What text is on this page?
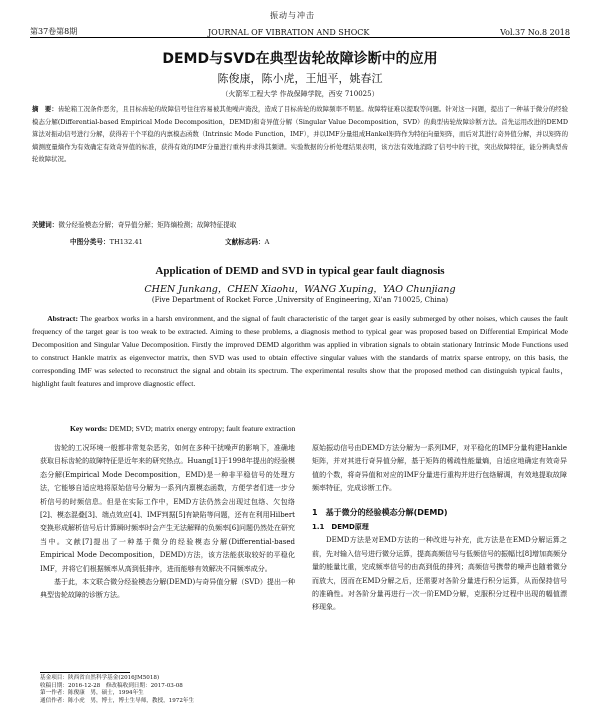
振动与冲击
第37卷第8期	JOURNAL OF VIBRATION AND SHOCK	Vol.37 No.8 2018
DEMD与SVD在典型齿轮故障诊断中的应用
陈俊康，陈小虎，王旭平，姚春江
（火箭军工程大学 作战保障学院，西安 710025）
摘　要：齿轮箱工况条件恶劣，且目标齿轮的故障信号往往容易被其他噪声淹没，造成了目标齿轮的故障频率不明显。故障特征难以提取等问题。针对这一问题，提出了一种基于微分的经验模态分解(Differential-based Empirical Mode Decomposition，DEMD)和奇异值分解（Singular Value Decomposition，SVD）的典型齿轮故障诊断方法。首先运用改进的DEMD算法对振动信号进行分解，获得若干个平稳的内禀模态函数（Intrinsic Mode Function，IMF），并以IMF分量组成Hankel矩阵作为特征向量矩阵，而后对其进行奇异值分解，并以矩阵的熵测度量熵作为有效确定有效奇异值的标准，获得有效的IMF分量进行重构并求得其频谱。实验数据的分析处理结果表明，该方法有效地消除了信号中的干扰，突出故障特征，能分辨典型齿轮故障状况。
关键词：微分经验模态分解；奇异值分解；矩阵熵检测；故障特征提取
中图分类号：TH132.41	文献标志码：A
Application of DEMD and SVD in typical gear fault diagnosis
CHEN Junkang，CHEN Xiaohu，WANG Xuping，YAO Chunjiang
(Five Department of Rocket Force ,University of Engineering, Xi'an 710025, China)
Abstract: The gearbox works in a harsh environment, and the signal of fault characteristic of the target gear is easily submerged by other noises, which causes the fault frequency of the target gear is too weak to be extracted. Aiming to these problems, a diagnosis method to typical gear was proposed based on Differential Empirical Mode Decomposition and Singular Value Decomposition. Firstly the improved DEMD algorithm was applied in vibration signals to obtain stationary Intrinsic Mode Functions used to construct Hankle matrix as eigenvector matrix, then SVD was used to obtain effective singular values with the standards of matrix sparse entropy, on this basis, the corresponding IMF was selected to reconstruct the signal and obtain its spectrum. The experimental results show that the proposed method can distinguish typical faults，highlight fault features and improve diagnostic effect.
Key words: DEMD; SVD; matrix energy entropy; fault feature extraction

齿轮的工况环境一般都非常复杂恶劣，如何在多种干扰噪声的影响下，准确地获取目标齿轮的故障特征是近年来的研究热点。Huang[1]于1998年提出的经验模态分解(Empirical Mode Decomposition，EMD)是一种非平稳信号的处理方法，它能够自适应地将原始信号分解为一系列内禀模态函数，方便学者们进一步分析信号的时频信息。但是在实际工作中，EMD方法仍然会出现过包络、欠包络[2]、模态混叠[3]、端点效应[4]、IMF判据[5]有缺陷等问题，还有在利用Hilbert变换形成解析信号后计算瞬时频率时会产生无法解释的负频率[6]问题仍然处在研究当中。文献[7]提出了一种基于微分的经验模态分解(Differential-based Empirical Mode Decomposition，DEMD)方法，该方法能获取较好的平稳化IMF，并将它们根据频率从高到低排序，进而能够有效解决不同频率成分。

基于此，本文联合微分经验模态分解(DEMD)与奇异值分解（SVD）提出一种典型齿轮故障的诊断方法。

原始振动信号由DEMD方法分解为一系列IMF，对平稳化的IMF分量构建Hankle矩阵，并对其进行奇异值分解，基于矩阵的稀疏性能量熵，自适应地确定有效奇异值的个数，将奇异值和对应的IMF分量进行重构并进行包络解调，有效地提取故障频率特征，完成诊断工作。

1　基于微分的经验模态分解(DEMD)

1.1　DEMD原理

DEMD方法是对EMD方法的一种改进与补充，此方法是在EMD分解运算之前，先对输入信号进行微分运算，提高高频信号与低频信号的振幅比[8]增加高频分量的能量比重，完成频率信号的由高到低的排列；高频信号携带的噪声也随着微分而放大，因而在EMD分解之后，还需要对各阶分量进行积分运算，从而保持信号的准确性。对各阶分量再进行一次一阶EMD分解，克服积分过程中出现的幅值漂移现象。

基金项目：陕西省自然科学基金(2016JM5018)
收稿日期：2016-12-28　修改稿收到日期：2017-03-08
第一作者：陈俊康　男，硕士，1994年生
通信作者：陈小虎　男，博士，博士生导师，教授，1972年生
